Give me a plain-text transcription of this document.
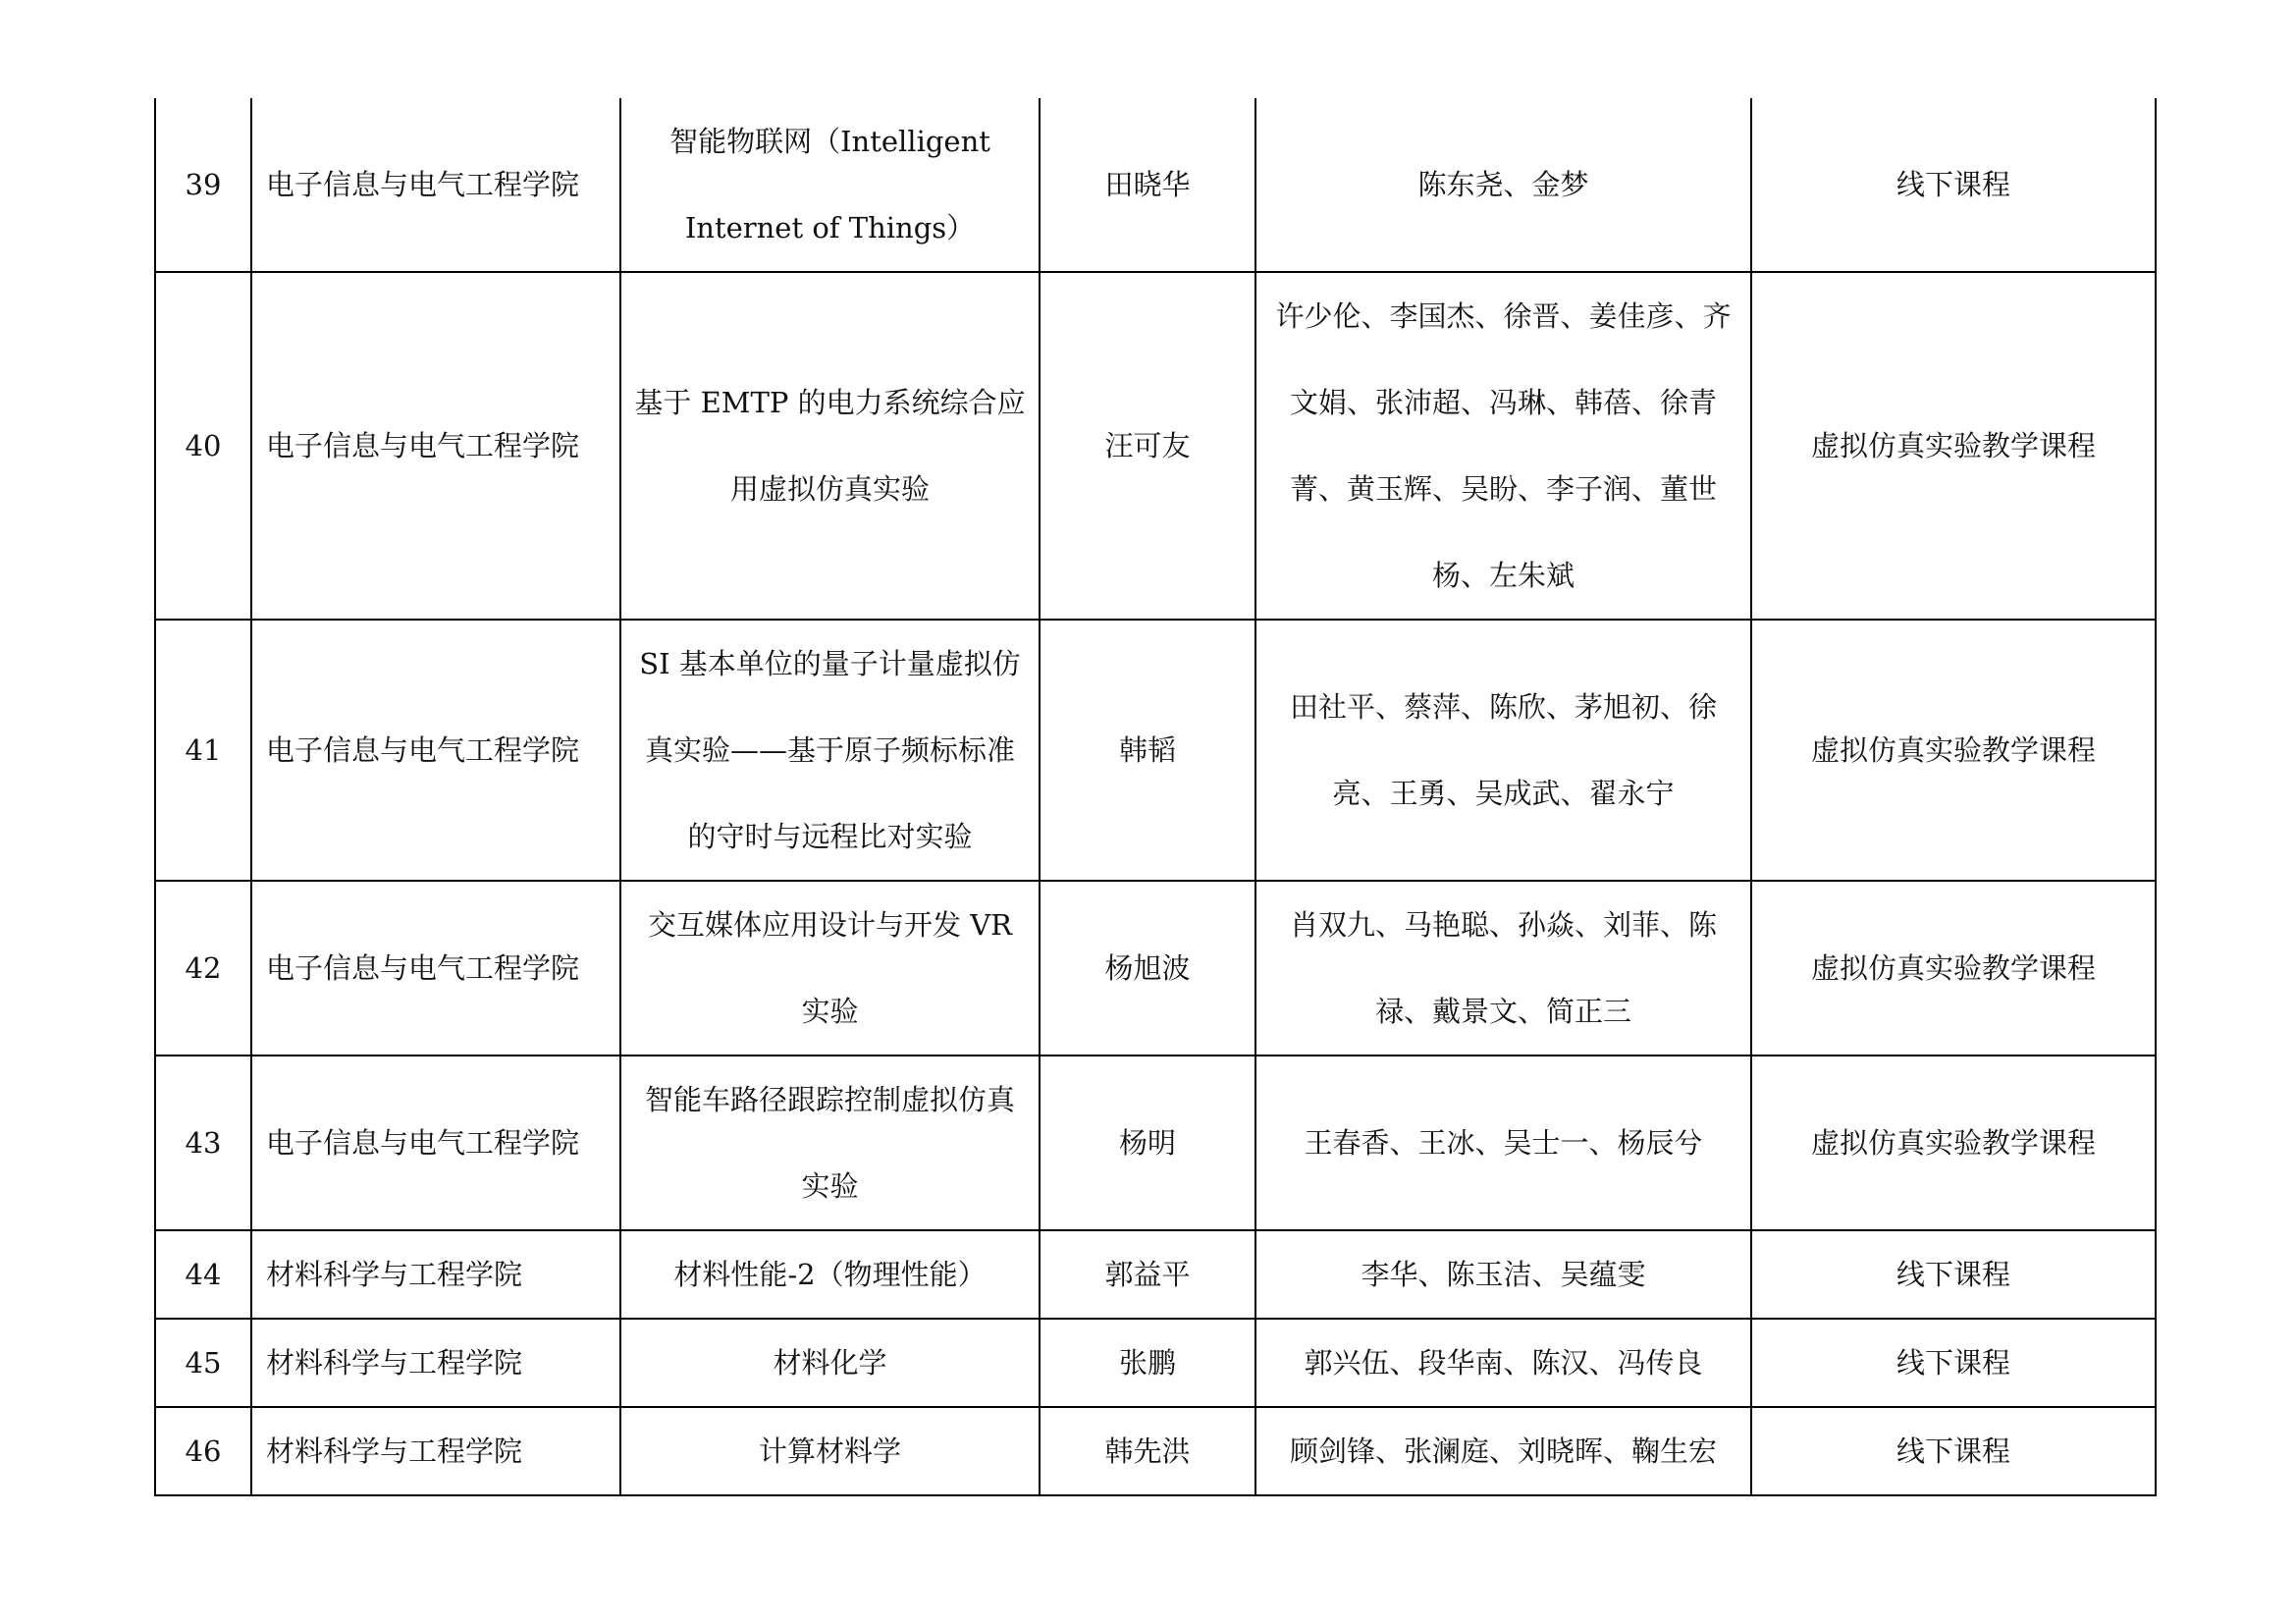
39	电子信息与电气工程学院	智能物联网（Intelligent Internet of Things）	田晓华	陈东尧、金梦	线下课程
40	电子信息与电气工程学院	基于 EMTP 的电力系统综合应用虚拟仿真实验	汪可友	许少伦、李国杰、徐晋、姜佳彦、齐文娟、张沛超、冯琳、韩蓓、徐青菁、黄玉辉、吴盼、李子润、董世杨、左朱斌	虚拟仿真实验教学课程
41	电子信息与电气工程学院	SI 基本单位的量子计量虚拟仿真实验——基于原子频标标准的守时与远程比对实验	韩韬	田社平、蔡萍、陈欣、茅旭初、徐亮、王勇、吴成武、翟永宁	虚拟仿真实验教学课程
42	电子信息与电气工程学院	交互媒体应用设计与开发 VR 实验	杨旭波	肖双九、马艳聪、孙焱、刘菲、陈禄、戴景文、简正三	虚拟仿真实验教学课程
43	电子信息与电气工程学院	智能车路径跟踪控制虚拟仿真实验	杨明	王春香、王冰、吴士一、杨辰兮	虚拟仿真实验教学课程
44	材料科学与工程学院	材料性能-2（物理性能）	郭益平	李华、陈玉洁、吴蕴雯	线下课程
45	材料科学与工程学院	材料化学	张鹏	郭兴伍、段华南、陈汉、冯传良	线下课程
46	材料科学与工程学院	计算材料学	韩先洪	顾剑锋、张澜庭、刘晓晖、鞠生宏	线下课程
